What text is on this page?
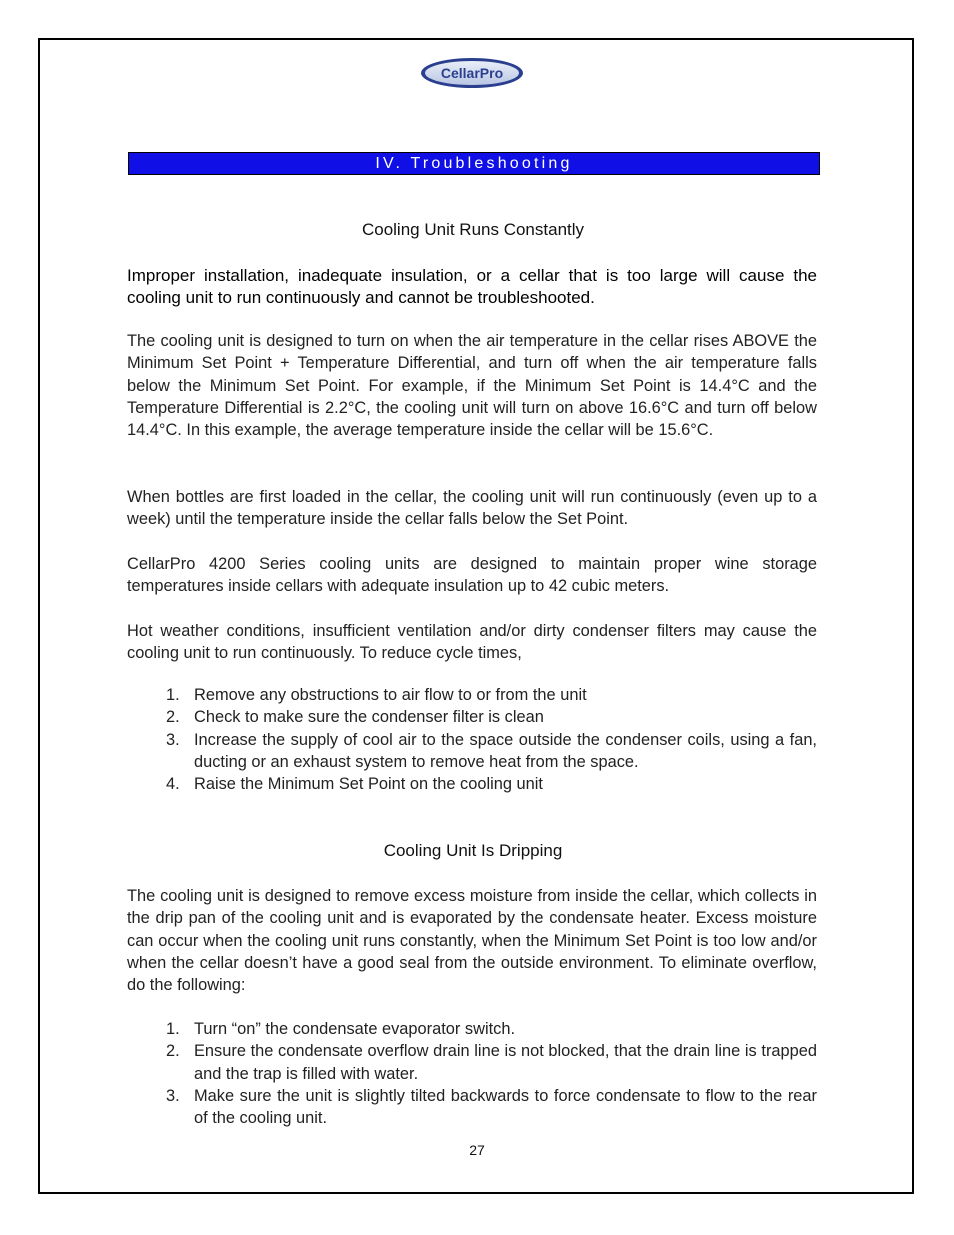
CellarPro
IV. Troubleshooting
Cooling Unit Runs Constantly

Improper installation, inadequate insulation, or a cellar that is too large will cause the cooling unit to run continuously and cannot be troubleshooted.

The cooling unit is designed to turn on when the air temperature in the cellar rises ABOVE the Minimum Set Point + Temperature Differential, and turn off when the air temperature falls below the Minimum Set Point. For example, if the Minimum Set Point is 14.4°C and the Temperature Differential is 2.2°C, the cooling unit will turn on above 16.6°C and turn off below 14.4°C. In this example, the average temperature inside the cellar will be 15.6°C.

When bottles are first loaded in the cellar, the cooling unit will run continuously (even up to a week) until the temperature inside the cellar falls below the Set Point.

CellarPro 4200 Series cooling units are designed to maintain proper wine storage temperatures inside cellars with adequate insulation up to 42 cubic meters.

Hot weather conditions, insufficient ventilation and/or dirty condenser filters may cause the cooling unit to run continuously. To reduce cycle times,

1. Remove any obstructions to air flow to or from the unit
2. Check to make sure the condenser filter is clean
3. Increase the supply of cool air to the space outside the condenser coils, using a fan, ducting or an exhaust system to remove heat from the space.
4. Raise the Minimum Set Point on the cooling unit
Cooling Unit Is Dripping

The cooling unit is designed to remove excess moisture from inside the cellar, which collects in the drip pan of the cooling unit and is evaporated by the condensate heater. Excess moisture can occur when the cooling unit runs constantly, when the Minimum Set Point is too low and/or when the cellar doesn’t have a good seal from the outside environment. To eliminate overflow, do the following:

1. Turn “on” the condensate evaporator switch.
2. Ensure the condensate overflow drain line is not blocked, that the drain line is trapped and the trap is filled with water.
3. Make sure the unit is slightly tilted backwards to force condensate to flow to the rear of the cooling unit.
27
